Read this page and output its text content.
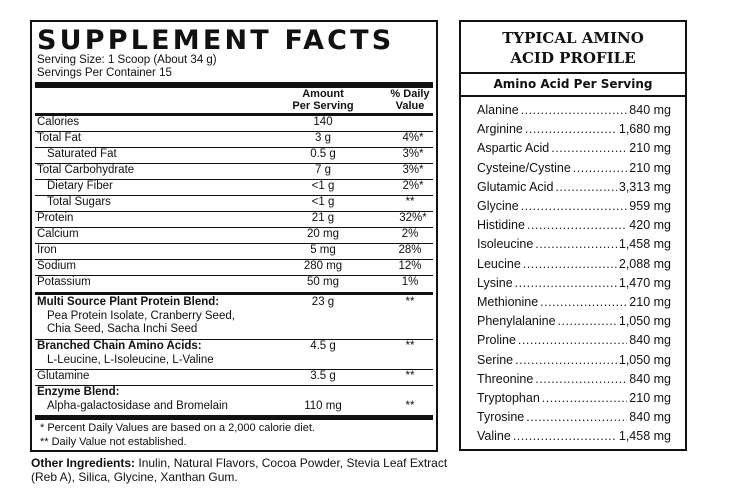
SUPPLEMENT FACTS
Serving Size: 1 Scoop (About 34 g)
Servings Per Container 15
Amount
Per Serving
% Daily
Value
Calories	140
Total Fat	3 g	4%*
Saturated Fat	0.5 g	3%*
Total Carbohydrate	7 g	3%*
Dietary Fiber	<1 g	2%*
Total Sugars	<1 g	**
Protein	21 g	32%*
Calcium	20 mg	2%
Iron	5 mg	28%
Sodium	280 mg	12%
Potassium	50 mg	1%
Multi Source Plant Protein Blend:	23 g	**
Pea Protein Isolate, Cranberry Seed,
Chia Seed, Sacha Inchi Seed
Branched Chain Amino Acids:	4.5 g	**
L-Leucine, L-Isoleucine, L-Valine
Glutamine	3.5 g	**
Enzyme Blend:
Alpha-galactosidase and Bromelain	110 mg	**
* Percent Daily Values are based on a 2,000 calorie diet.
** Daily Value not established.
Other Ingredients: Inulin, Natural Flavors, Cocoa Powder, Stevia Leaf Extract (Reb A), Silica, Glycine, Xanthan Gum.
TYPICAL AMINO
ACID PROFILE
Amino Acid Per Serving
Alanine .....	840 mg
Arginine .....	1,680 mg
Aspartic Acid .....	210 mg
Cysteine/Cystine .....	210 mg
Glutamic Acid .....	3,313 mg
Glycine .....	959 mg
Histidine .....	420 mg
Isoleucine .....	1,458 mg
Leucine .....	2,088 mg
Lysine .....	1,470 mg
Methionine .....	210 mg
Phenylalanine .....	1,050 mg
Proline .....	840 mg
Serine .....	1,050 mg
Threonine .....	840 mg
Tryptophan .....	210 mg
Tyrosine .....	840 mg
Valine .....	1,458 mg
